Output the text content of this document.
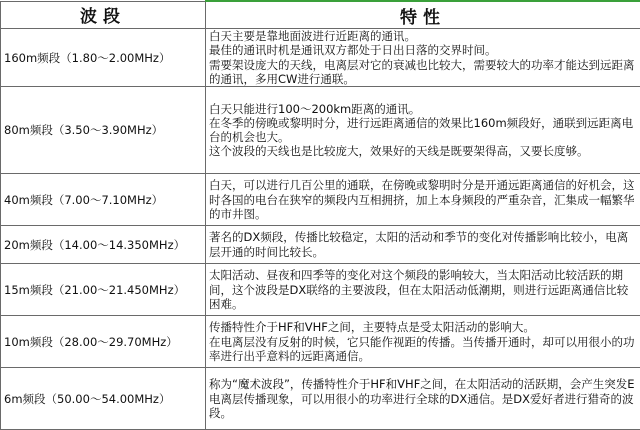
波段	特性
160m频段（1.80～2.00MHz）	白天主要是靠地面波进行近距离的通讯。

最佳的通讯时机是通讯双方都处于日出日落的交界时间。

需要架设庞大的天线，电离层对它的衰减也比较大，需要较大的功率才能达到远距离的通讯，多用CW进行通联。

80m频段（3.50～3.90MHz）	白天只能进行100～200km距离的通讯。

在冬季的傍晚或黎明时分，进行远距离通信的效果比160m频段好，通联到远距离电台的机会也大。

这个波段的天线也是比较庞大，效果好的天线是既要架得高，又要长度够。

40m频段（7.00～7.10MHz）	白天，可以进行几百公里的通联，在傍晚或黎明时分是开通远距离通信的好机会，这时各国的电台在狭窄的频段内互相拥挤，加上本身频段的严重杂音，汇集成一幅繁华的市井图。

20m频段（14.00～14.350MHz）	著名的DX频段，传播比较稳定，太阳的活动和季节的变化对传播影响比较小，电离层开通的时间比较长。

15m频段（21.00～21.450MHz）	太阳活动、昼夜和四季等的变化对这个频段的影响较大，当太阳活动比较活跃的期间，这个波段是DX联络的主要波段，但在太阳活动低潮期，则进行远距离通信比较困难。

10m频段（28.00～29.70MHz）	传播特性介于HF和VHF之间，主要特点是受太阳活动的影响大。

在电离层没有反射的时候，它只能作视距的传播。当传播开通时，却可以用很小的功率进行出乎意料的远距离通信。

6m频段（50.00～54.00MHz）	称为“魔术波段”，传播特性介于HF和VHF之间，在太阳活动的活跃期，会产生突发E电离层传播现象，可以用很小的功率进行全球的DX通信。是DX爱好者进行猎奇的波段。
